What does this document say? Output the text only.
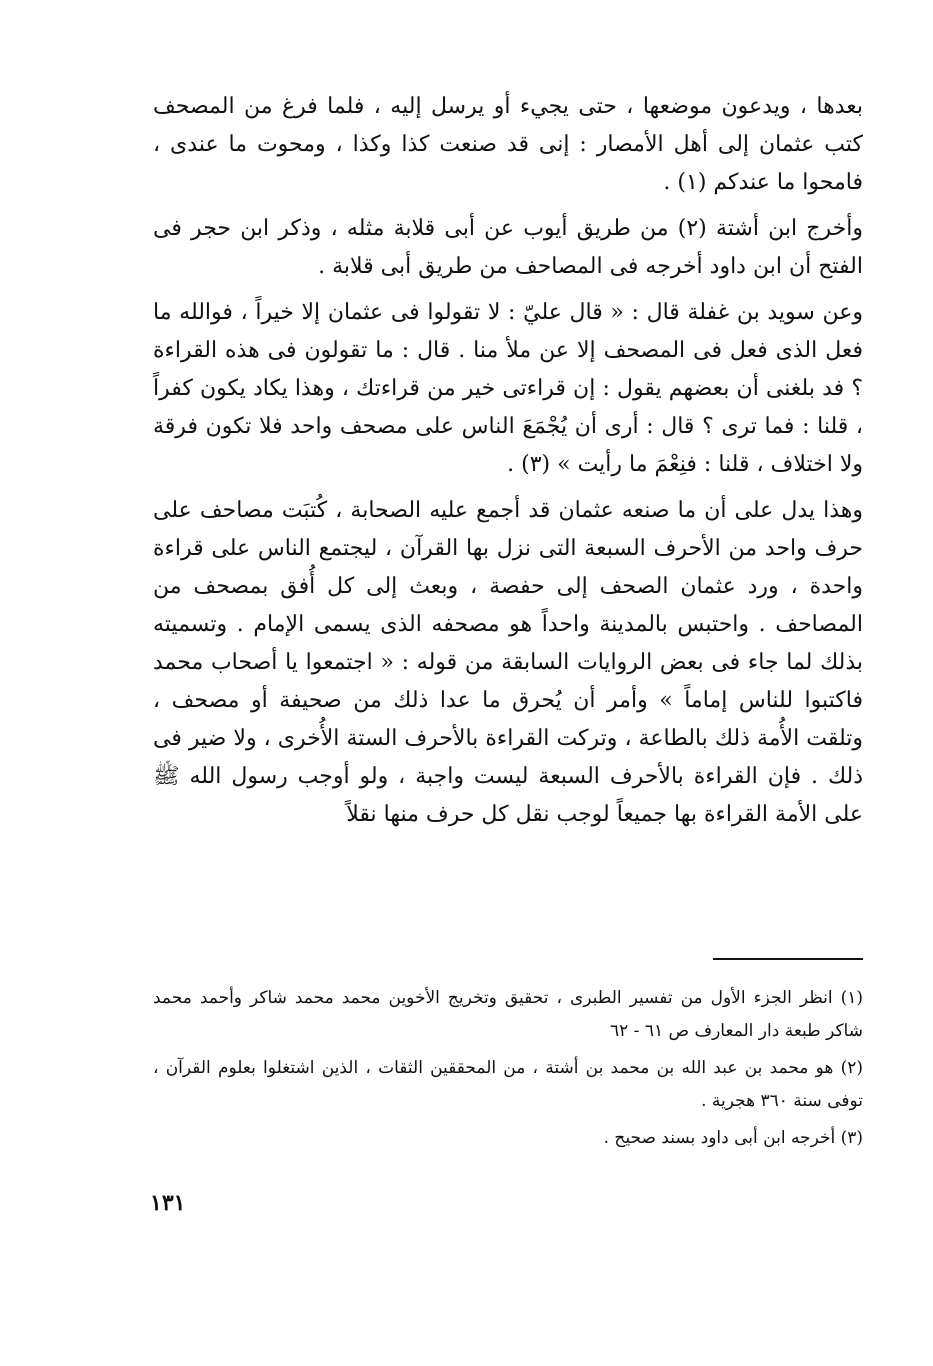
بعدها ، ويدعون موضعها ، حتى يجيء أو يرسل إليه ، فلما فرغ من المصحف كتب عثمان إلى أهل الأمصار : إنى قد صنعت كذا وكذا ، ومحوت ما عندى ، فامحوا ما عندكم (١) .

وأخرج ابن أشتة (٢) من طريق أيوب عن أبى قلابة مثله ، وذكر ابن حجر فى الفتح أن ابن داود أخرجه فى المصاحف من طريق أبى قلابة .

وعن سويد بن غفلة قال : « قال عليّ : لا تقولوا فى عثمان إلا خيراً ، فوالله ما فعل الذى فعل فى المصحف إلا عن ملأ منا . قال : ما تقولون فى هذه القراءة ؟ فد بلغنى أن بعضهم يقول : إن قراءتى خير من قراءتك ، وهذا يكاد يكون كفراً ، قلنا : فما ترى ؟ قال : أرى أن يُجْمَعَ الناس على مصحف واحد فلا تكون فرقة ولا اختلاف ، قلنا : فنِعْمَ ما رأيت » (٣) .

وهذا يدل على أن ما صنعه عثمان قد أجمع عليه الصحابة ، كُتبَت مصاحف على حرف واحد من الأحرف السبعة التى نزل بها القرآن ، ليجتمع الناس على قراءة واحدة ، ورد عثمان الصحف إلى حفصة ، وبعث إلى كل أُفق بمصحف من المصاحف . واحتبس بالمدينة واحداً هو مصحفه الذى يسمى الإمام . وتسميته بذلك لما جاء فى بعض الروايات السابقة من قوله : « اجتمعوا يا أصحاب محمد فاكتبوا للناس إماماً » وأمر أن يُحرق ما عدا ذلك من صحيفة أو مصحف ، وتلقت الأُمة ذلك بالطاعة ، وتركت القراءة بالأحرف الستة الأُخرى ، ولا ضير فى ذلك . فإن القراءة بالأحرف السبعة ليست واجبة ، ولو أوجب رسول الله ﷺ على الأمة القراءة بها جميعاً لوجب نقل كل حرف منها نقلاً

(١) انظر الجزء الأول من تفسير الطبرى ، تحقيق وتخريج الأخوين محمد محمد شاكر وأحمد محمد شاكر طبعة دار المعارف ص ٦١ - ٦٢

(٢) هو محمد بن عبد الله بن محمد بن أشتة ، من المحققين الثقات ، الذين اشتغلوا بعلوم القرآن ، توفى سنة ٣٦٠ هجرية .

(٣) أخرجه ابن أبى داود بسند صحيح .

١٣١
